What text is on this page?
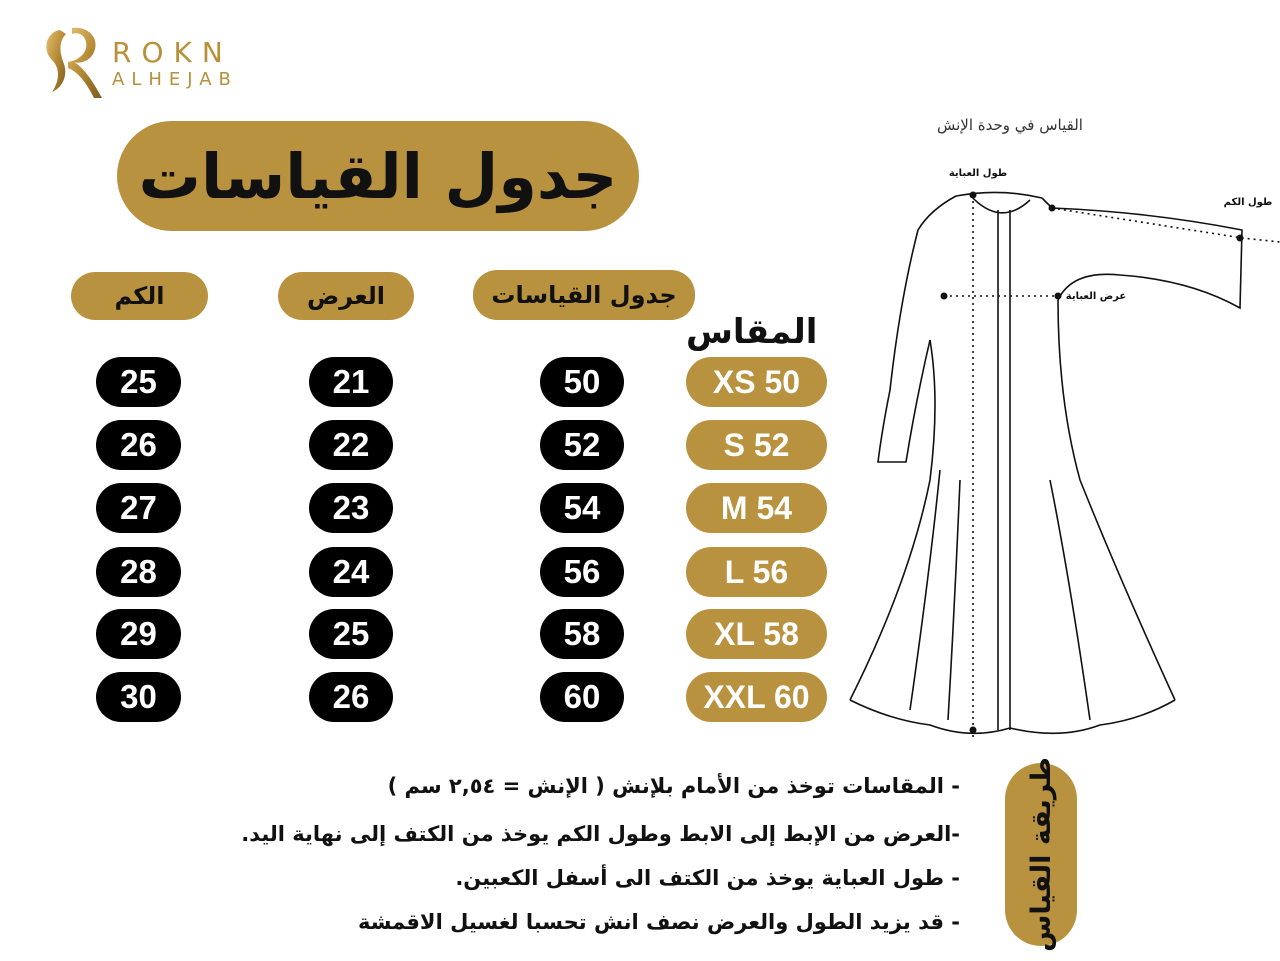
ROKN
ALHEJAB
جدول القياسات
الكم	العرض	جدول القياسات
المقاس
25	21	50	XS 50
26	22	52	S 52
27	23	54	M 54
28	24	56	L 56
29	25	58	XL 58
30	26	60	XXL 60
القياس في وحدة الإنش
طول العباية
طول الكم
عرض العباية
طريقة القياس
- المقاسات توخذ من الأمام بلإنش ( الإنش = ٢,٥٤ سم )
-العرض من الإبط إلى الابط وطول الكم يوخذ من الكتف إلى نهاية اليد.
- طول العباية يوخذ من الكتف الى أسفل الكعبين.
- قد يزيد الطول والعرض نصف انش تحسبا لغسيل الاقمشة
